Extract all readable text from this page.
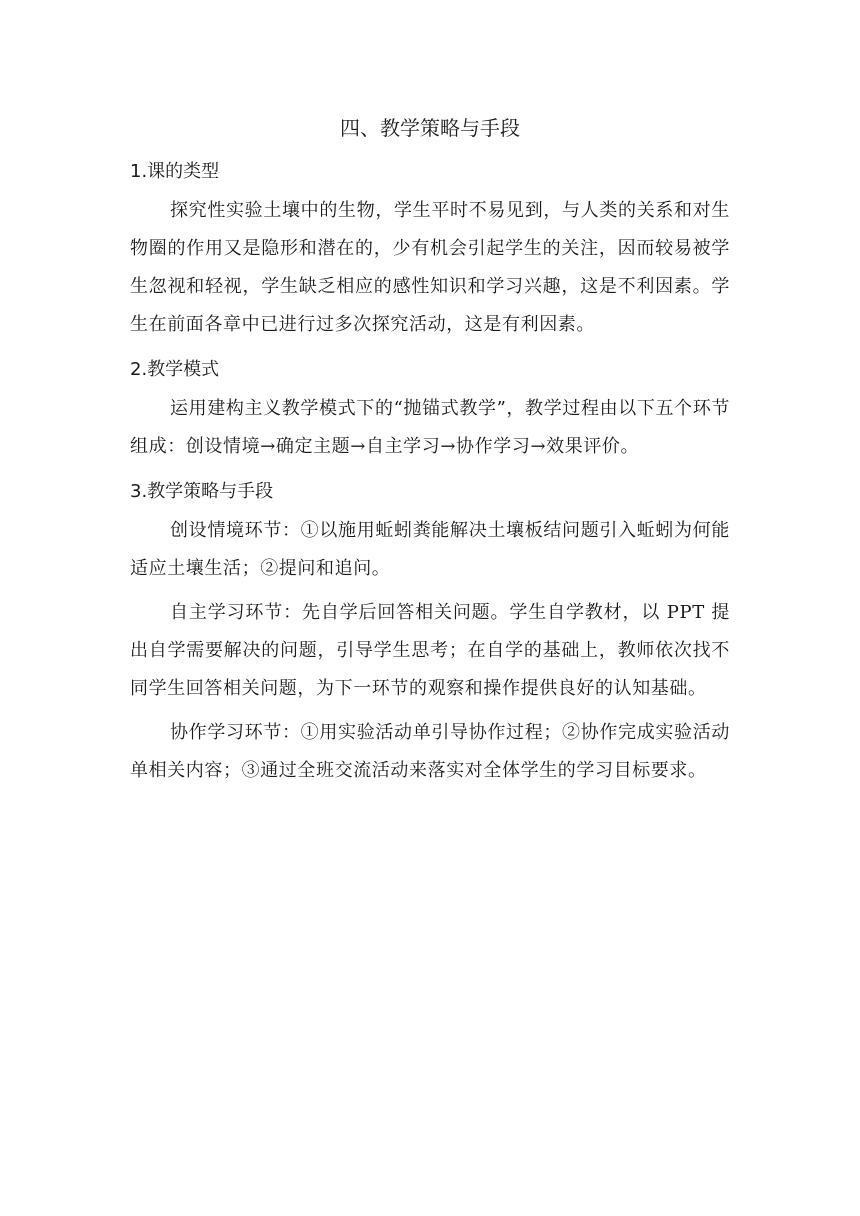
四、教学策略与手段
1.课的类型

探究性实验土壤中的生物，学生平时不易见到，与人类的关系和对生物圈的作用又是隐形和潜在的，少有机会引起学生的关注，因而较易被学生忽视和轻视，学生缺乏相应的感性知识和学习兴趣，这是不利因素。学生在前面各章中已进行过多次探究活动，这是有利因素。

2.教学模式

运用建构主义教学模式下的“抛锚式教学”，教学过程由以下五个环节组成：创设情境→确定主题→自主学习→协作学习→效果评价。

3.教学策略与手段

创设情境环节：①以施用蚯蚓粪能解决土壤板结问题引入蚯蚓为何能适应土壤生活；②提问和追问。

自主学习环节：先自学后回答相关问题。学生自学教材，以 PPT 提出自学需要解决的问题，引导学生思考；在自学的基础上，教师依次找不同学生回答相关问题，为下一环节的观察和操作提供良好的认知基础。

协作学习环节：①用实验活动单引导协作过程；②协作完成实验活动单相关内容；③通过全班交流活动来落实对全体学生的学习目标要求。
